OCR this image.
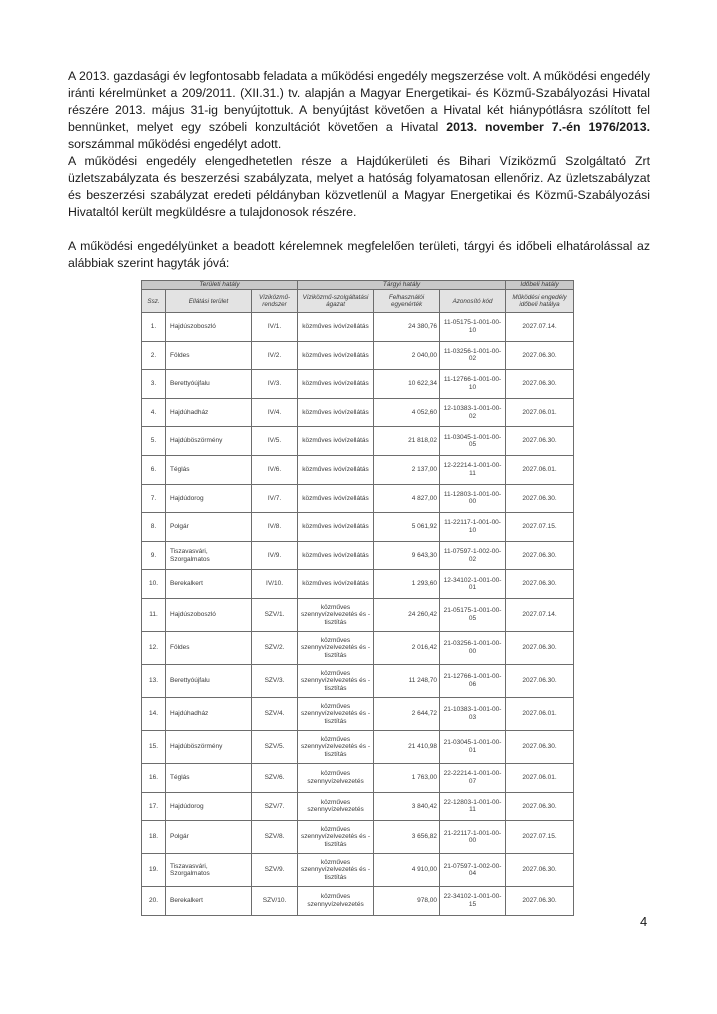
A 2013. gazdasági év legfontosabb feladata a működési engedély megszerzése volt. A működési engedély iránti kérelmünket a 209/2011. (XII.31.) tv. alapján a Magyar Energetikai- és Közmű-Szabályozási Hivatal részére 2013. május 31-ig benyújtottuk. A benyújtást követően a Hivatal két hiánypótlásra szólított fel bennünket, melyet egy szóbeli konzultációt követően a Hivatal 2013. november 7.-én 1976/2013. sorszámmal működési engedélyt adott.

A működési engedély elengedhetetlen része a Hajdúkerületi és Bihari Víziközmű Szolgáltató Zrt üzletszabályzata és beszerzési szabályzata, melyet a hatóság folyamatosan ellenőriz. Az üzletszabályzat és beszerzési szabályzat eredeti példányban közvetlenül a Magyar Energetikai és Közmű-Szabályozási Hivataltól került megküldésre a tulajdonosok részére.

A működési engedélyünket a beadott kérelemnek megfelelően területi, tárgyi és időbeli elhatárolással az alábbiak szerint hagyták jóvá:

Területi hatály			Tárgyi hatály			Időbeli hatály
Ssz.	Ellátási terület	Víziközmű-rendszer	Víziközmű-szolgáltatási ágazat	Felhasználói egyenérték	Azonosító kód	Működési engedély időbeli hatálya
1.	Hajdúszoboszló	IV/1.	közműves ivóvízellátás	24 380,76	11-05175-1-001-00-10	2027.07.14.
2.	Földes	IV/2.	közműves ivóvízellátás	2 040,00	11-03256-1-001-00-02	2027.06.30.
3.	Berettyóújfalu	IV/3.	közműves ivóvízellátás	10 622,34	11-12766-1-001-00-10	2027.06.30.
4.	Hajdúhadház	IV/4.	közműves ivóvízellátás	4 052,60	12-10383-1-001-00-02	2027.06.01.
5.	Hajdúböszörmény	IV/5.	közműves ivóvízellátás	21 818,02	11-03045-1-001-00-05	2027.06.30.
6.	Téglás	IV/6.	közműves ivóvízellátás	2 137,00	12-22214-1-001-00-11	2027.06.01.
7.	Hajdúdorog	IV/7.	közműves ivóvízellátás	4 827,00	11-12803-1-001-00-00	2027.06.30.
8.	Polgár	IV/8.	közműves ivóvízellátás	5 061,92	11-22117-1-001-00-10	2027.07.15.
9.	Tiszavasvári, Szorgalmatos	IV/9.	közműves ivóvízellátás	9 643,30	11-07597-1-002-00-02	2027.06.30.
10.	Berekalkert	IV/10.	közműves ivóvízellátás	1 293,60	12-34102-1-001-00-01	2027.06.30.
11.	Hajdúszoboszló	SZV/1.	közműves szennyvízelvezetés és - tisztítás	24 260,42	21-05175-1-001-00-05	2027.07.14.
12.	Földes	SZV/2.	közműves szennyvízelvezetés és - tisztítás	2 016,42	21-03256-1-001-00-00	2027.06.30.
13.	Berettyóújfalu	SZV/3.	közműves szennyvízelvezetés és - tisztítás	11 248,70	21-12766-1-001-00-06	2027.06.30.
14.	Hajdúhadház	SZV/4.	közműves szennyvízelvezetés és - tisztítás	2 644,72	21-10383-1-001-00-03	2027.06.01.
15.	Hajdúböszörmény	SZV/5.	közműves szennyvízelvezetés és - tisztítás	21 410,98	21-03045-1-001-00-01	2027.06.30.
16.	Téglás	SZV/6.	közműves szennyvízelvezetés	1 763,00	22-22214-1-001-00-07	2027.06.01.
17.	Hajdúdorog	SZV/7.	közműves szennyvízelvezetés	3 840,42	22-12803-1-001-00-11	2027.06.30.
18.	Polgár	SZV/8.	közműves szennyvízelvezetés és - tisztítás	3 656,82	21-22117-1-001-00-00	2027.07.15.
19.	Tiszavasvári, Szorgalmatos	SZV/9.	közműves szennyvízelvezetés és - tisztítás	4 910,00	21-07597-1-002-00-04	2027.06.30.
20.	Berekalkert	SZV/10.	közműves szennyvízelvezetés	978,00	22-34102-1-001-00-15	2027.06.30.
4
